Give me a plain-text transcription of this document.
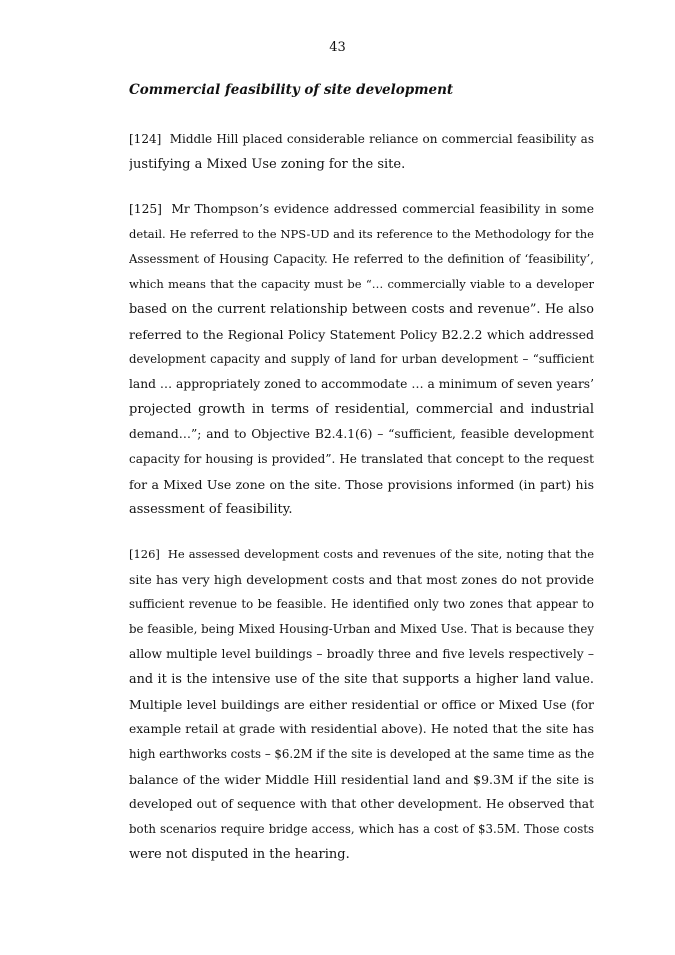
43
Commercial feasibility of site development
[124] Middle Hill placed considerable reliance on commercial feasibility as
justifying a Mixed Use zoning for the site.
[125] Mr Thompson’s evidence addressed commercial feasibility in some
detail. He referred to the NPS-UD and its reference to the Methodology for the
Assessment of Housing Capacity. He referred to the definition of ‘feasibility’,
which means that the capacity must be “… commercially viable to a developer
based on the current relationship between costs and revenue”. He also
referred to the Regional Policy Statement Policy B2.2.2 which addressed
development capacity and supply of land for urban development – “sufficient
land … appropriately zoned to accommodate … a minimum of seven years’
projected growth in terms of residential, commercial and industrial
demand…”; and to Objective B2.4.1(6) – “sufficient, feasible development
capacity for housing is provided”. He translated that concept to the request
for a Mixed Use zone on the site. Those provisions informed (in part) his
assessment of feasibility.
[126] He assessed development costs and revenues of the site, noting that the
site has very high development costs and that most zones do not provide
sufficient revenue to be feasible. He identified only two zones that appear to
be feasible, being Mixed Housing-Urban and Mixed Use. That is because they
allow multiple level buildings – broadly three and five levels respectively –
and it is the intensive use of the site that supports a higher land value.
Multiple level buildings are either residential or office or Mixed Use (for
example retail at grade with residential above). He noted that the site has
high earthworks costs – $6.2M if the site is developed at the same time as the
balance of the wider Middle Hill residential land and $9.3M if the site is
developed out of sequence with that other development. He observed that
both scenarios require bridge access, which has a cost of $3.5M. Those costs
were not disputed in the hearing.
